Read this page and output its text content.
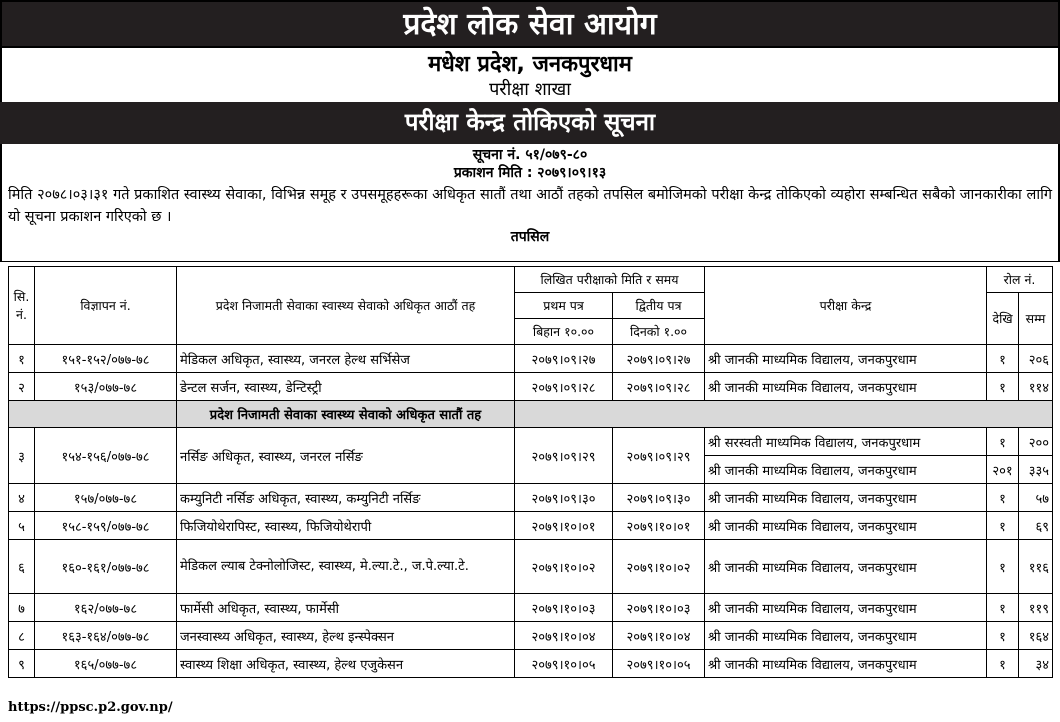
प्रदेश लोक सेवा आयोग
मधेश प्रदेश, जनकपुरधाम
परीक्षा शाखा
परीक्षा केन्द्र तोकिएको सूचना
सूचना नं. ५१/०७९-८०
प्रकाशन मिति : २०७९।०९।१३

मिति २०७८।०३।३१ गते प्रकाशित स्वास्थ्य सेवाका, विभिन्न समूह र उपसमूहहरूका अधिकृत सातौं तथा आठौं तहको तपसिल बमोजिमको परीक्षा केन्द्र तोकिएको व्यहोरा सम्बन्धित सबैको जानकारीका लागि यो सूचना प्रकाशन गरिएको छ ।

तपसिल
सि. नं.	विज्ञापन नं.	प्रदेश निजामती सेवाका स्वास्थ्य सेवाको अधिकृत आठौं तह	लिखित परीक्षाको मिति र समय		परीक्षा केन्द्र	रोल नं.	
			प्रथम पत्र	द्वितीय पत्र		देखि	सम्म
			बिहान १०.००	दिनको १.००			
१	१५१-१५२/०७७-७८	मेडिकल अधिकृत, स्वास्थ्य, जनरल हेल्थ सर्भिसेज	२०७९।०९।२७	२०७९।०९।२७	श्री जानकी माध्यमिक विद्यालय, जनकपुरधाम	१	२०६
२	१५३/०७७-७८	डेन्टल सर्जन, स्वास्थ्य, डेन्टिस्ट्री	२०७९।०९।२८	२०७९।०९।२८	श्री जानकी माध्यमिक विद्यालय, जनकपुरधाम	१	११४
		प्रदेश निजामती सेवाका स्वास्थ्य सेवाको अधिकृत सातौं तह					
३	१५४-१५६/०७७-७८	नर्सिङ अधिकृत, स्वास्थ्य, जनरल नर्सिङ	२०७९।०९।२९	२०७९।०९।२९	श्री सरस्वती माध्यमिक विद्यालय, जनकपुरधाम	१	२००
					श्री जानकी माध्यमिक विद्यालय, जनकपुरधाम	२०१	३३५
४	१५७/०७७-७८	कम्युनिटी नर्सिङ अधिकृत, स्वास्थ्य, कम्युनिटी नर्सिङ	२०७९।०९।३०	२०७९।०९।३०	श्री जानकी माध्यमिक विद्यालय, जनकपुरधाम	१	५७
५	१५८-१५९/०७७-७८	फिजियोथेरापिस्ट, स्वास्थ्य, फिजियोथेरापी	२०७९।१०।०१	२०७९।१०।०१	श्री जानकी माध्यमिक विद्यालय, जनकपुरधाम	१	६९
६	१६०-१६१/०७७-७८	मेडिकल ल्याब टेक्नोलोजिस्ट, स्वास्थ्य, मे.ल्या.टे., ज.पे.ल्या.टे.	२०७९।१०।०२	२०७९।१०।०२	श्री जानकी माध्यमिक विद्यालय, जनकपुरधाम	१	११६
७	१६२/०७७-७८	फार्मेसी अधिकृत, स्वास्थ्य, फार्मेसी	२०७९।१०।०३	२०७९।१०।०३	श्री जानकी माध्यमिक विद्यालय, जनकपुरधाम	१	११९
८	१६३-१६४/०७७-७८	जनस्वास्थ्य अधिकृत, स्वास्थ्य, हेल्थ इन्स्पेक्सन	२०७९।१०।०४	२०७९।१०।०४	श्री जानकी माध्यमिक विद्यालय, जनकपुरधाम	१	१६४
९	१६५/०७७-७८	स्वास्थ्य शिक्षा अधिकृत, स्वास्थ्य, हेल्थ एजुकेसन	२०७९।१०।०५	२०७९।१०।०५	श्री जानकी माध्यमिक विद्यालय, जनकपुरधाम	१	३४
https://ppsc.p2.gov.np/
